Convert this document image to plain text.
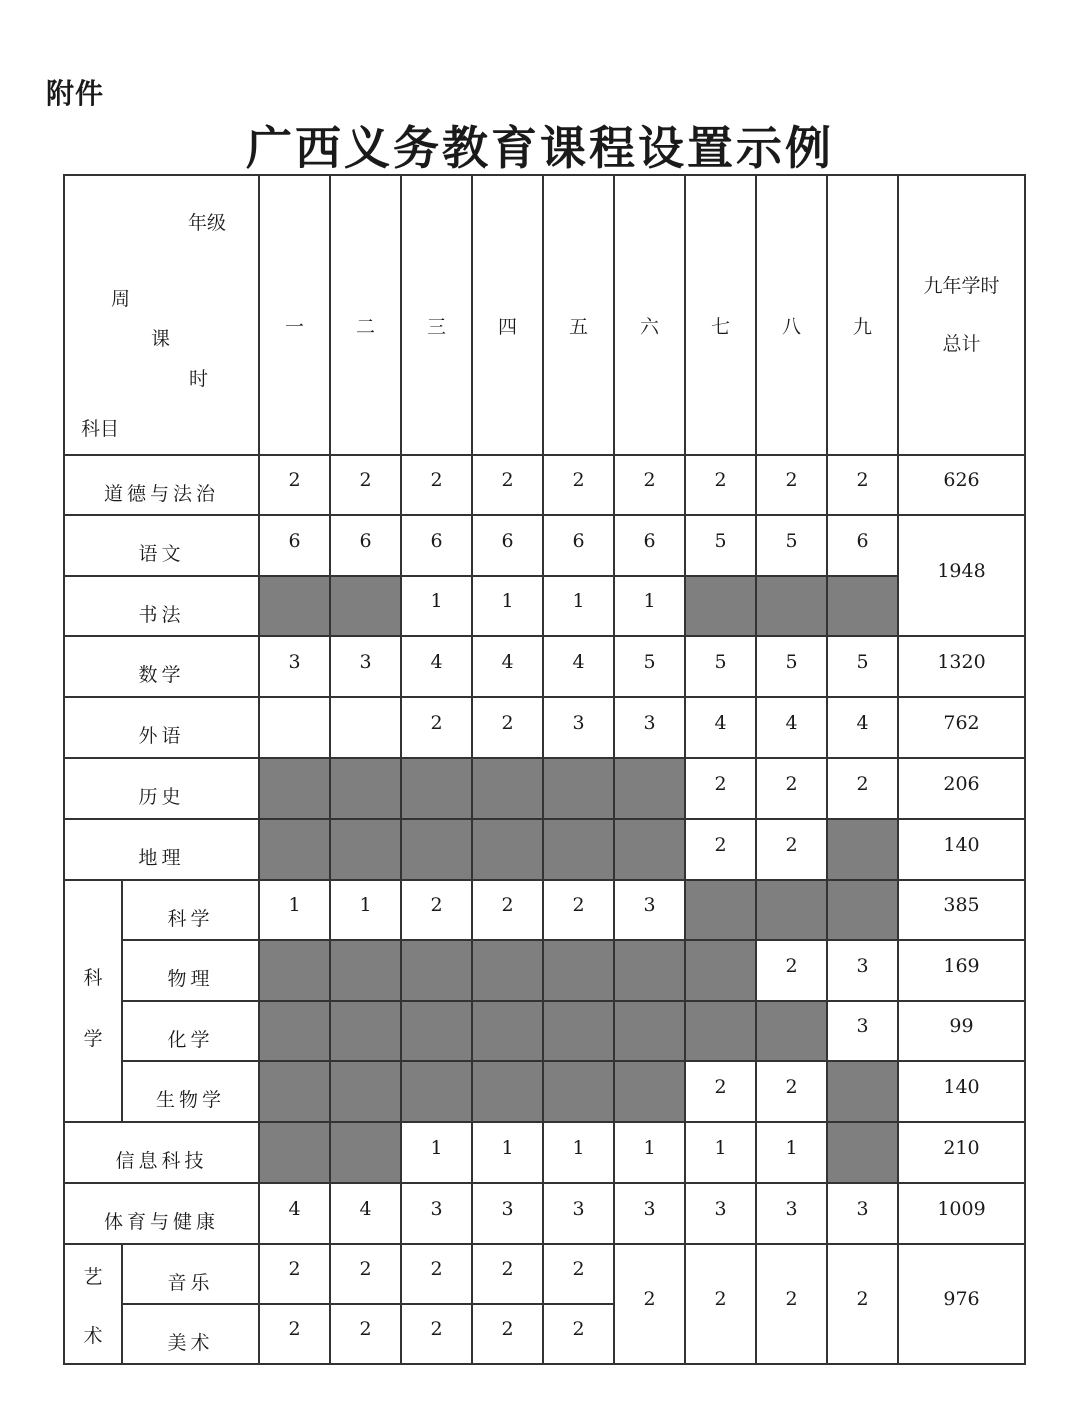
附件
广西义务教育课程设置示例
年级
周
课
时
科目		一	二	三	四	五	六	七	八	九	九年学时
总计

道德与法治		2	2	2	2	2	2	2	2	2	626
语文		6	6	6	6	6	6	5	5	6	1948
书法				1	1	1	1				
数学		3	3	4	4	4	5	5	5	5	1320
外语				2	2	3	3	4	4	4	762
历史								2	2	2	206
地理								2	2		140

科
学	科学	1	1	2	2	2	3				385
	物理								2	3	169
	化学									3	99
	生物学							2	2		140
信息科技				1	1	1	1	1	1		210
体育与健康		4	4	3	3	3	3	3	3	3	1009

艺
术	音乐	2	2	2	2	2	2	2	2	2	976
	美术	2	2	2	2	2					
